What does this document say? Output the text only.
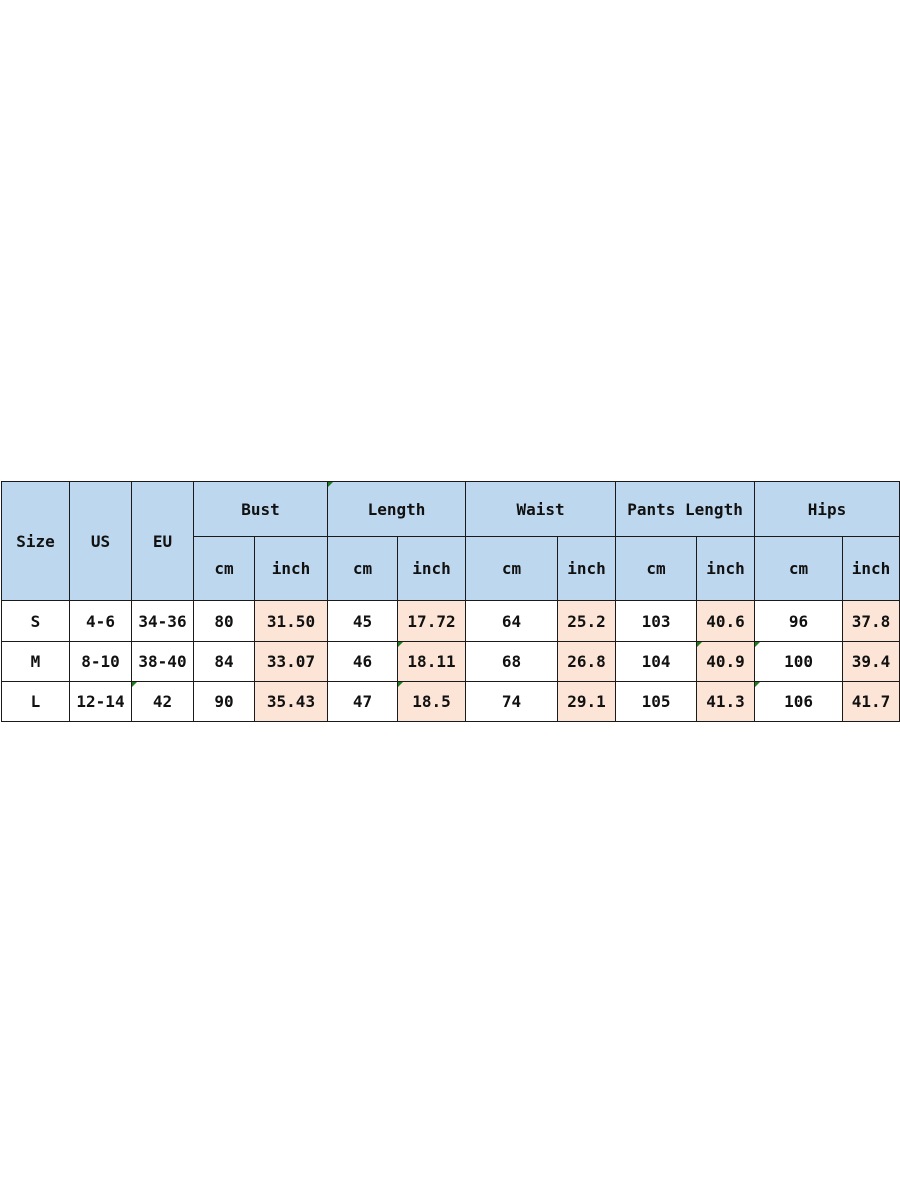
Size	US	EU	Bust		Length		Waist		Pants Length		Hips	
			cm	inch	cm	inch	cm	inch	cm	inch	cm	inch
S	4-6	34-36	80	31.50	45	17.72	64	25.2	103	40.6	96	37.8
M	8-10	38-40	84	33.07	46	18.11	68	26.8	104	40.9	100	39.4
L	12-14	42	90	35.43	47	18.5	74	29.1	105	41.3	106	41.7
